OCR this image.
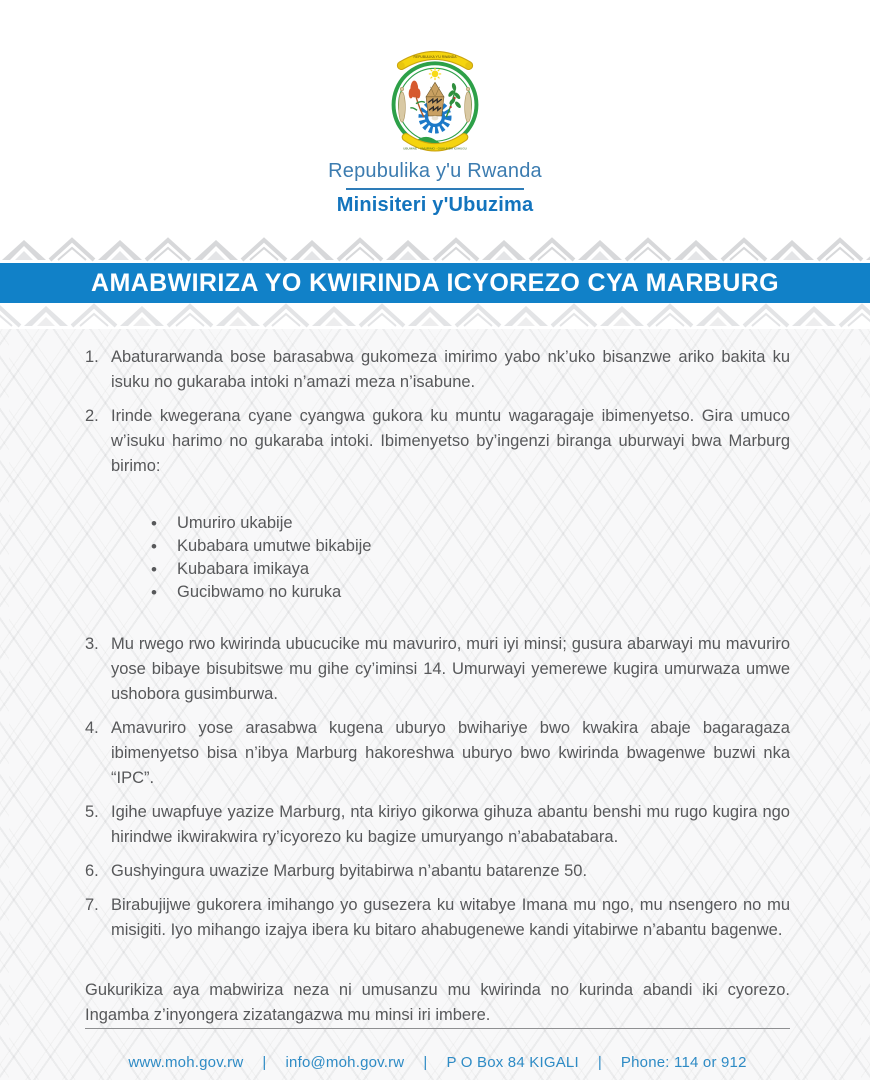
REPUBULIKA Y'U RWANDA
UBUMWE - UMURIMO - GUKUNDA IGIHUGU
Repubulika y'u Rwanda
Minisiteri y'Ubuzima
AMABWIRIZA YO KWIRINDA ICYOREZO CYA MARBURG
1. Abaturarwanda bose barasabwa gukomeza imirimo yabo nk’uko bisanzwe ariko bakita ku isuku no gukaraba intoki n’amazi meza n’isabune.
2. Irinde kwegerana cyane cyangwa gukora ku muntu wagaragaje ibimenyetso. Gira umuco w’isuku harimo no gukaraba intoki. Ibimenyetso by’ingenzi biranga uburwayi bwa Marburg birimo:
•	Umuriro ukabije
•	Kubabara umutwe bikabije
•	Kubabara imikaya
•	Gucibwamo no kuruka
3. Mu rwego rwo kwirinda ubucucike mu mavuriro, muri iyi minsi; gusura abarwayi mu mavuriro yose bibaye bisubitswe mu gihe cy’iminsi 14. Umurwayi yemerewe kugira umurwaza umwe ushobora gusimburwa.
4. Amavuriro yose arasabwa kugena uburyo bwihariye bwo kwakira abaje bagaragaza ibimenyetso bisa n’ibya Marburg hakoreshwa uburyo bwo kwirinda bwagenwe buzwi nka “IPC”.
5. Igihe uwapfuye yazize Marburg, nta kiriyo gikorwa gihuza abantu benshi mu rugo kugira ngo hirindwe ikwirakwira ry’icyorezo ku bagize umuryango n’ababatabara.
6. Gushyingura uwazize Marburg byitabirwa n’abantu batarenze 50.
7. Birabujijwe gukorera imihango yo gusezera ku witabye Imana mu ngo, mu nsengero no mu misigiti. Iyo mihango izajya ibera ku bitaro ahabugenewe kandi yitabirwe n’abantu bagenwe.
Gukurikiza aya mabwiriza neza ni umusanzu mu kwirinda no kurinda abandi iki cyorezo. Ingamba z’inyongera zizatangazwa mu minsi iri imbere.
www.moh.gov.rw | info@moh.gov.rw | P O Box 84 KIGALI | Phone: 114 or 912
